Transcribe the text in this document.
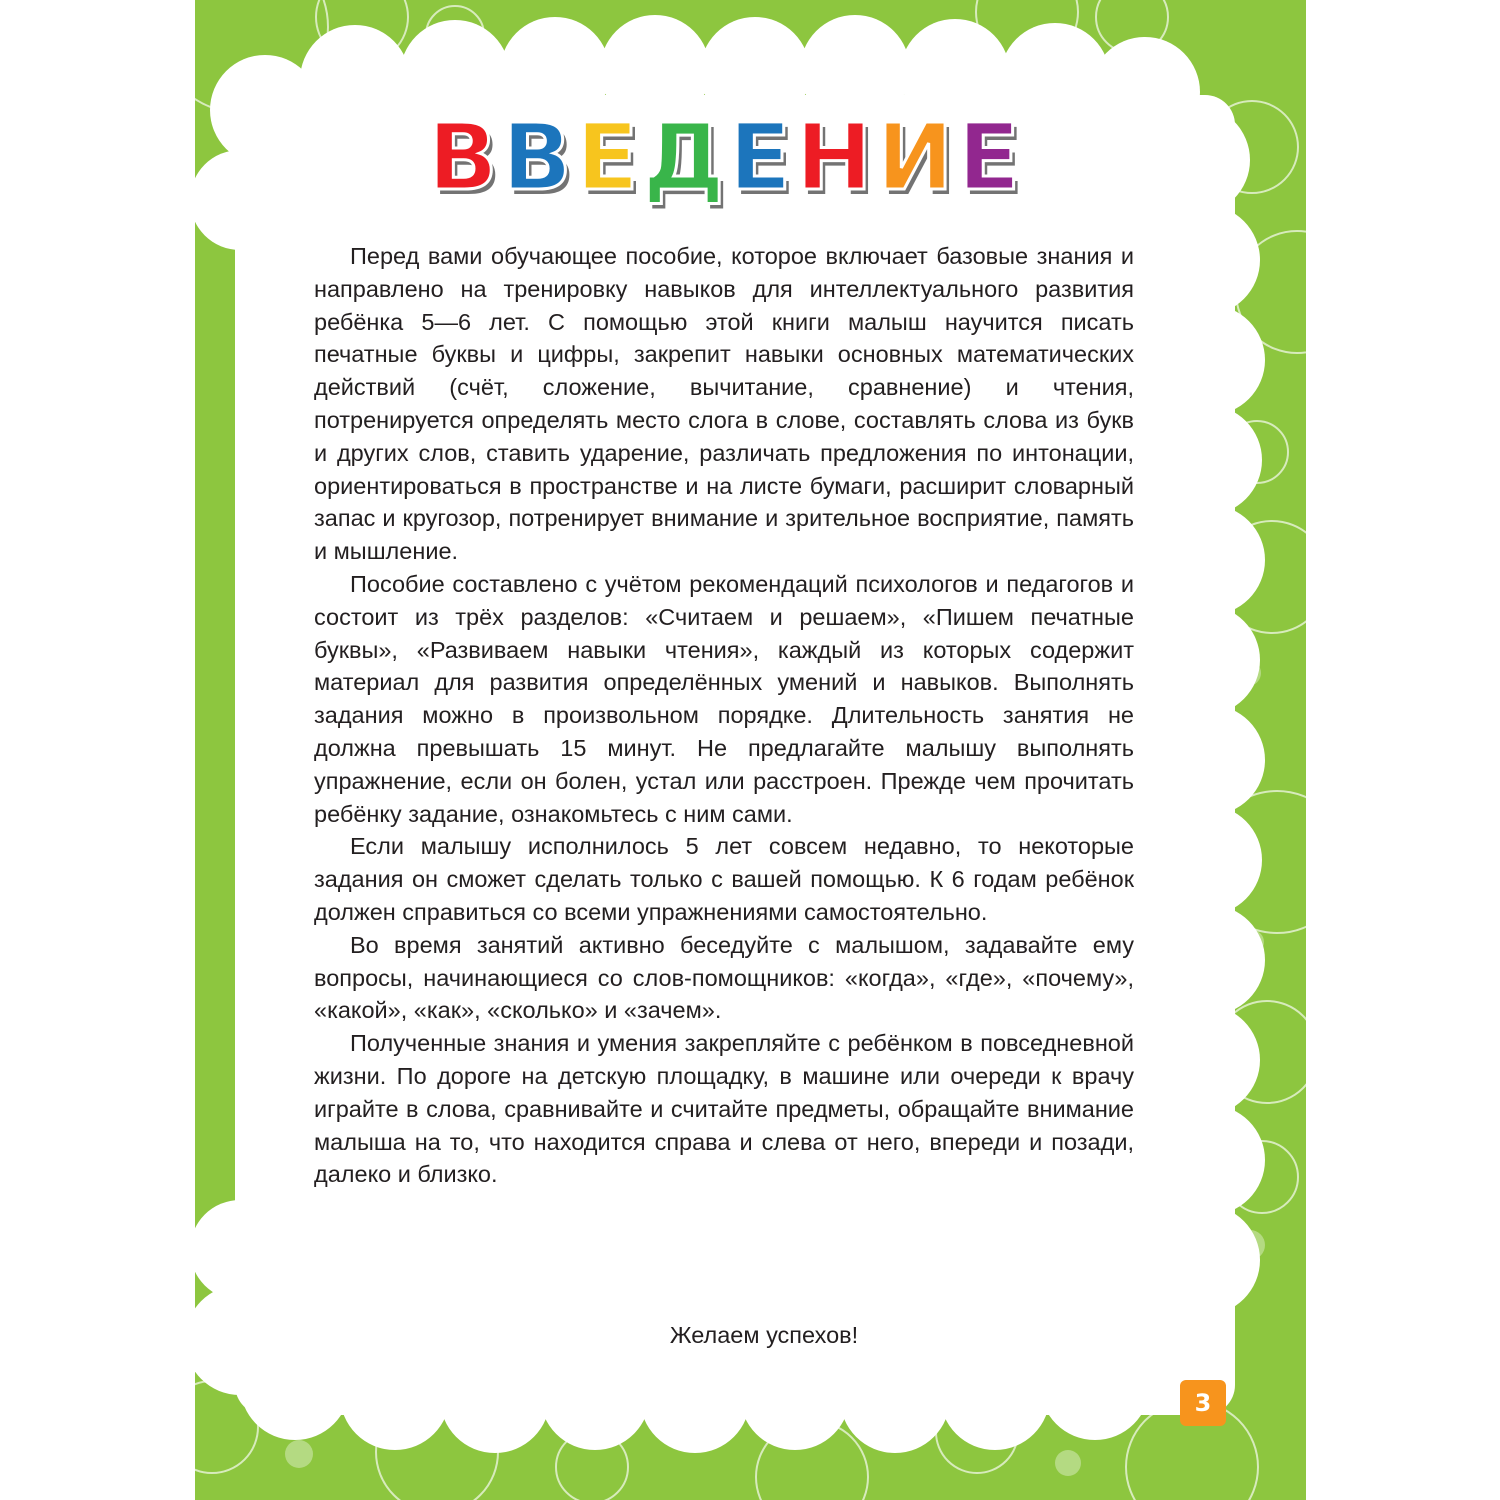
ВВЕДЕНИЕ

Перед вами обучающее пособие, которое включает базовые знания и направлено на тренировку навыков для интеллектуального развития ребёнка 5—6 лет. С помощью этой книги малыш научится писать печатные буквы и цифры, закрепит навыки основных математических действий (счёт, сложение, вычитание, сравнение) и чтения, потренируется определять место слога в слове, составлять слова из букв и других слов, ставить ударение, различать предложения по интонации, ориентироваться в пространстве и на листе бумаги, расширит словарный запас и кругозор, потренирует внимание и зрительное восприятие, память и мышление.

Пособие составлено с учётом рекомендаций психологов и педагогов и состоит из трёх разделов: «Считаем и решаем», «Пишем печатные буквы», «Развиваем навыки чтения», каждый из которых содержит материал для развития определённых умений и навыков. Выполнять задания можно в произвольном порядке. Длительность занятия не должна превышать 15 минут. Не предлагайте малышу выполнять упражнение, если он болен, устал или расстроен. Прежде чем прочитать ребёнку задание, ознакомьтесь с ним сами.

Если малышу исполнилось 5 лет совсем недавно, то некоторые задания он сможет сделать только с вашей помощью. К 6 годам ребёнок должен справиться со всеми упражнениями самостоятельно.

Во время занятий активно беседуйте с малышом, задавайте ему вопросы, начинающиеся со слов-помощников: «когда», «где», «почему», «какой», «как», «сколько» и «зачем».

Полученные знания и умения закрепляйте с ребёнком в повседневной жизни. По дороге на детскую площадку, в машине или очереди к врачу играйте в слова, сравнивайте и считайте предметы, обращайте внимание малыша на то, что находится справа и слева от него, впереди и позади, далеко и близко.

Желаем успехов!
3
